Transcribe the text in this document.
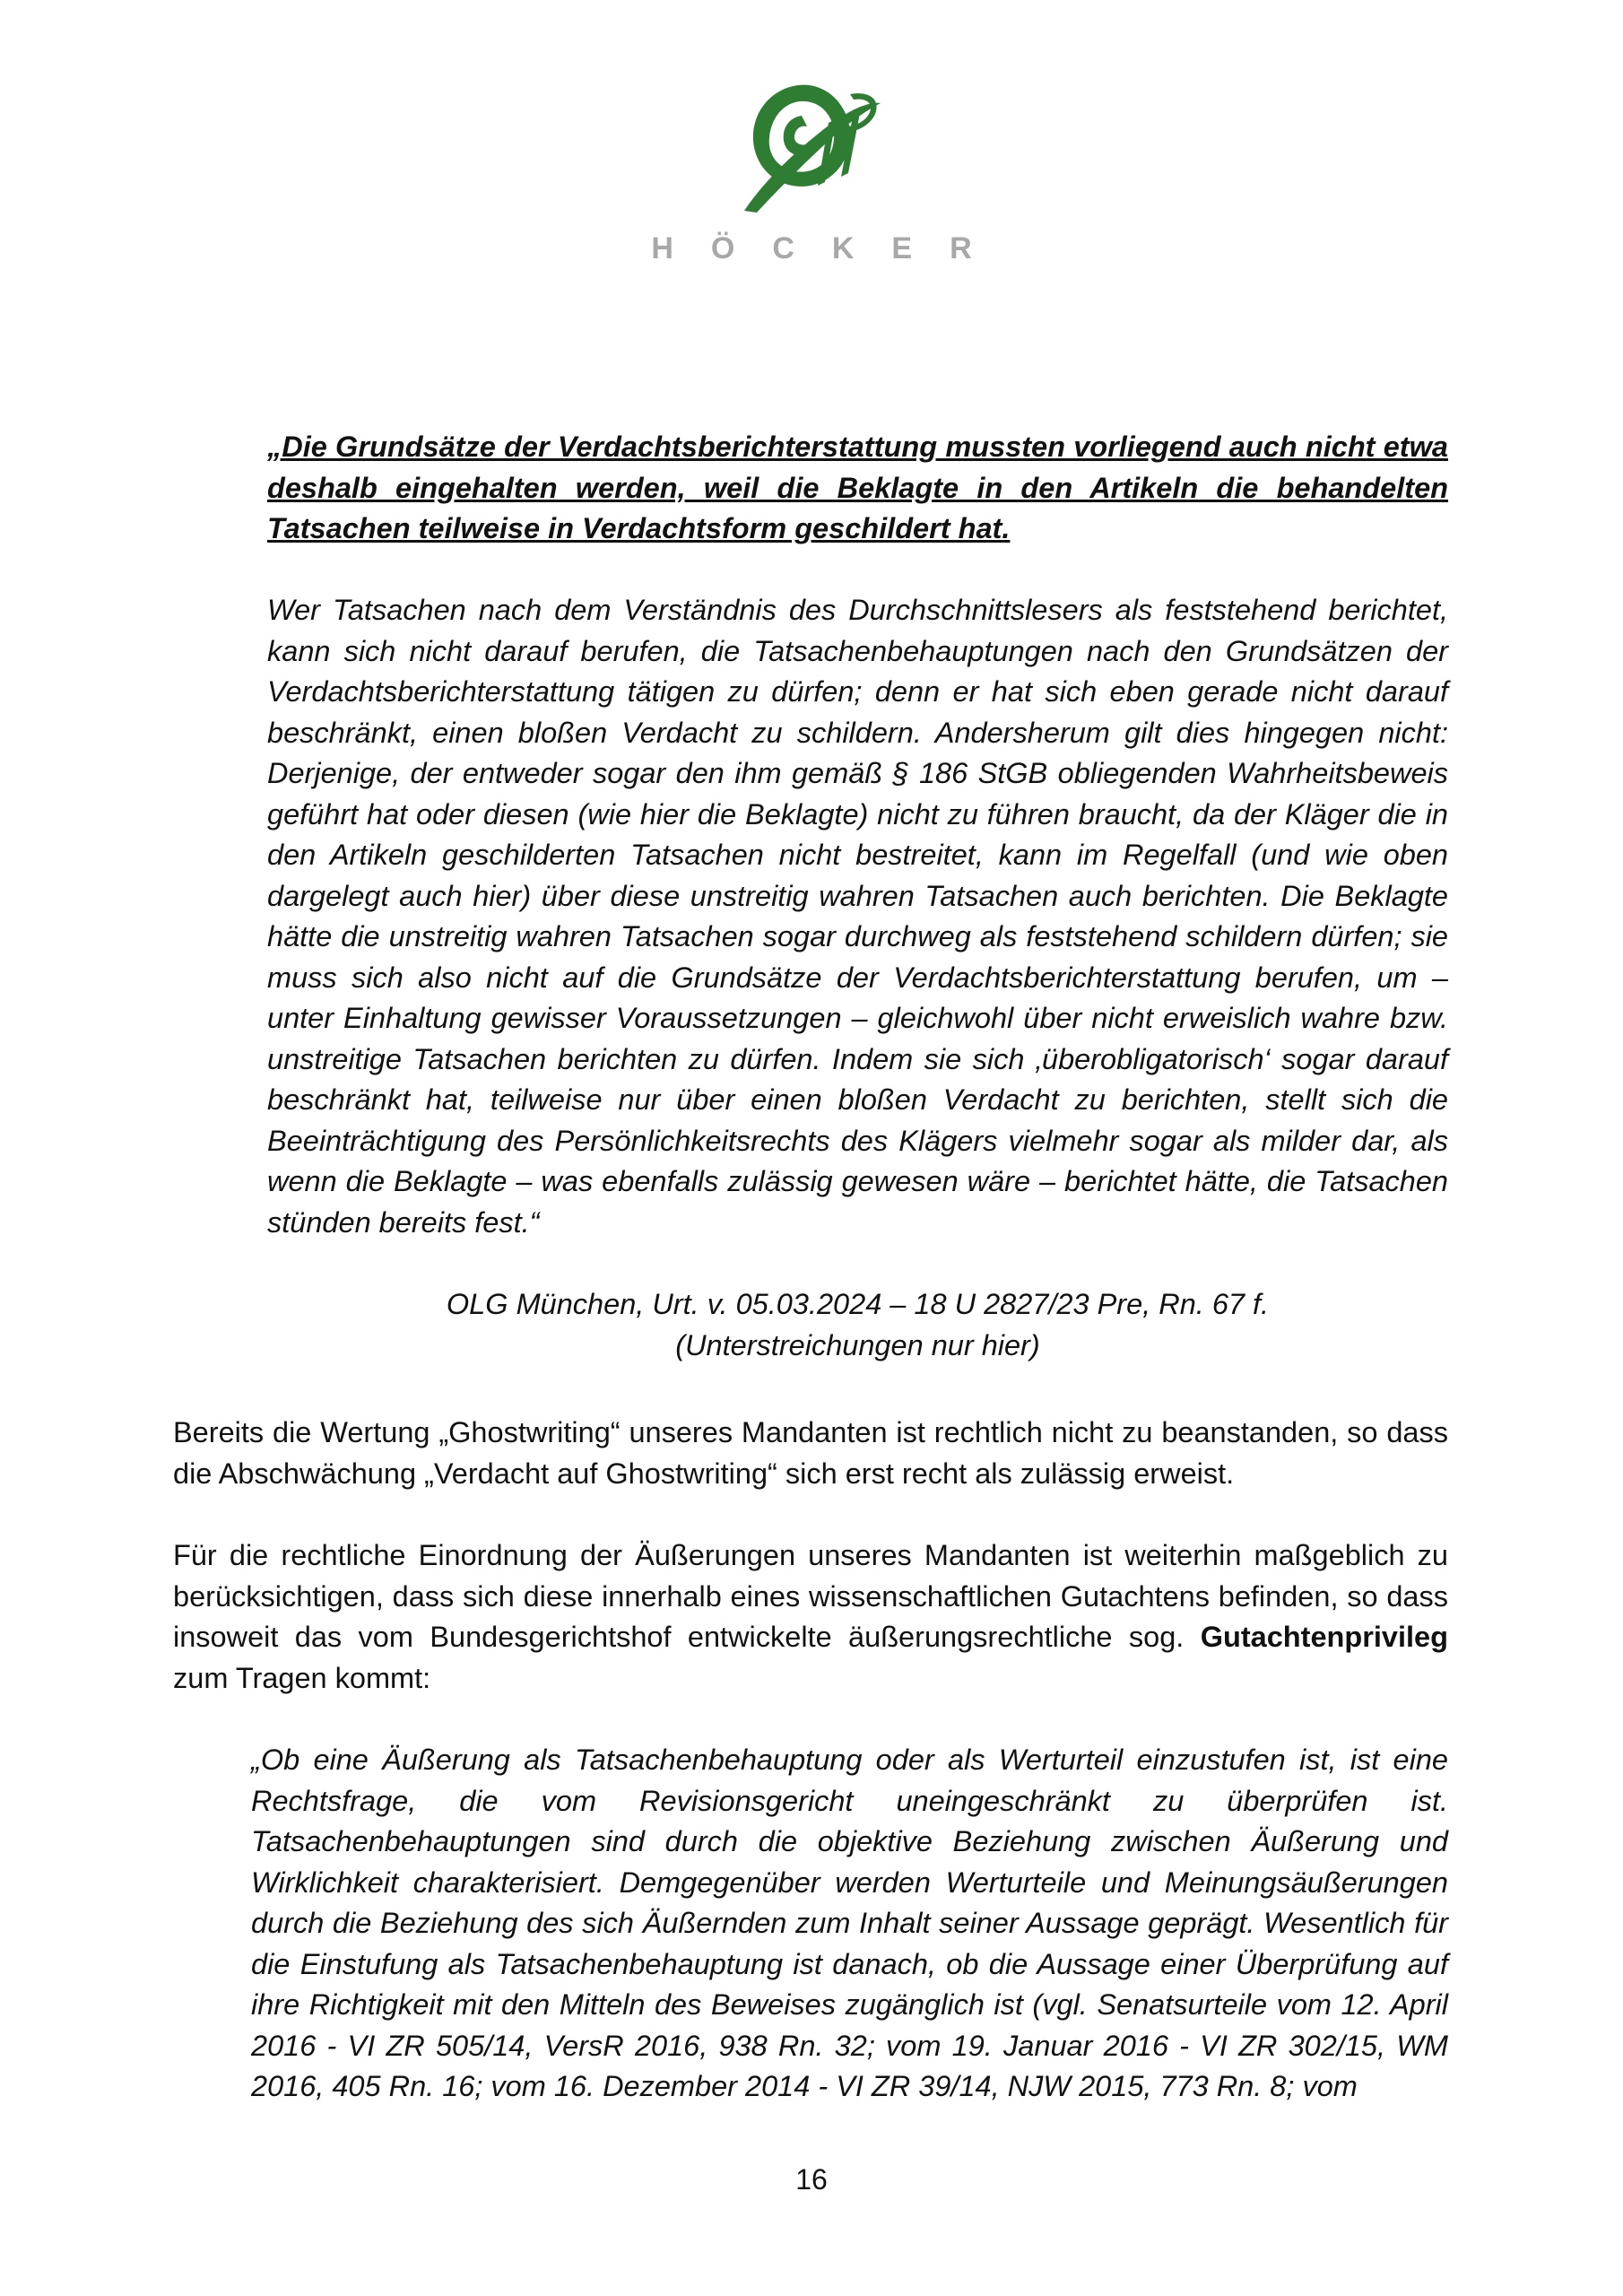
HÖCKER
„Die Grundsätze der Verdachtsberichterstattung mussten vorliegend auch nicht etwa deshalb eingehalten werden, weil die Beklagte in den Artikeln die behandelten Tatsachen teilweise in Verdachtsform geschildert hat.
Wer Tatsachen nach dem Verständnis des Durchschnittslesers als feststehend berichtet, kann sich nicht darauf berufen, die Tatsachenbehauptungen nach den Grundsätzen der Verdachtsberichterstattung tätigen zu dürfen; denn er hat sich eben gerade nicht darauf beschränkt, einen bloßen Verdacht zu schildern. Andersherum gilt dies hingegen nicht: Derjenige, der entweder sogar den ihm gemäß § 186 StGB obliegenden Wahrheitsbeweis geführt hat oder diesen (wie hier die Beklagte) nicht zu führen braucht, da der Kläger die in den Artikeln geschilderten Tatsachen nicht bestreitet, kann im Regelfall (und wie oben dargelegt auch hier) über diese unstreitig wahren Tatsachen auch berichten. Die Beklagte hätte die unstreitig wahren Tatsachen sogar durchweg als feststehend schildern dürfen; sie muss sich also nicht auf die Grundsätze der Verdachtsberichterstattung berufen, um – unter Einhaltung gewisser Voraussetzungen – gleichwohl über nicht erweislich wahre bzw. unstreitige Tatsachen berichten zu dürfen. Indem sie sich ‚überobligatorisch‘ sogar darauf beschränkt hat, teilweise nur über einen bloßen Verdacht zu berichten, stellt sich die Beeinträchtigung des Persönlichkeitsrechts des Klägers vielmehr sogar als milder dar, als wenn die Beklagte – was ebenfalls zulässig gewesen wäre – berichtet hätte, die Tatsachen stünden bereits fest.“
OLG München, Urt. v. 05.03.2024 – 18 U 2827/23 Pre, Rn. 67 f.
(Unterstreichungen nur hier)
Bereits die Wertung „Ghostwriting“ unseres Mandanten ist rechtlich nicht zu beanstanden, so dass die Abschwächung „Verdacht auf Ghostwriting“ sich erst recht als zulässig erweist.
Für die rechtliche Einordnung der Äußerungen unseres Mandanten ist weiterhin maßgeblich zu berücksichtigen, dass sich diese innerhalb eines wissenschaftlichen Gutachtens befinden, so dass insoweit das vom Bundesgerichtshof entwickelte äußerungsrechtliche sog. Gutachtenprivileg zum Tragen kommt:
„Ob eine Äußerung als Tatsachenbehauptung oder als Werturteil einzustufen ist, ist eine Rechtsfrage, die vom Revisionsgericht uneingeschränkt zu überprüfen ist. Tatsachenbehauptungen sind durch die objektive Beziehung zwischen Äußerung und Wirklichkeit charakterisiert. Demgegenüber werden Werturteile und Meinungsäußerungen durch die Beziehung des sich Äußernden zum Inhalt seiner Aussage geprägt. Wesentlich für die Einstufung als Tatsachenbehauptung ist danach, ob die Aussage einer Überprüfung auf ihre Richtigkeit mit den Mitteln des Beweises zugänglich ist (vgl. Senatsurteile vom 12. April 2016 - VI ZR 505/14, VersR 2016, 938 Rn. 32; vom 19. Januar 2016 - VI ZR 302/15, WM 2016, 405 Rn. 16; vom 16. Dezember 2014 - VI ZR 39/14, NJW 2015, 773 Rn. 8; vom
16
